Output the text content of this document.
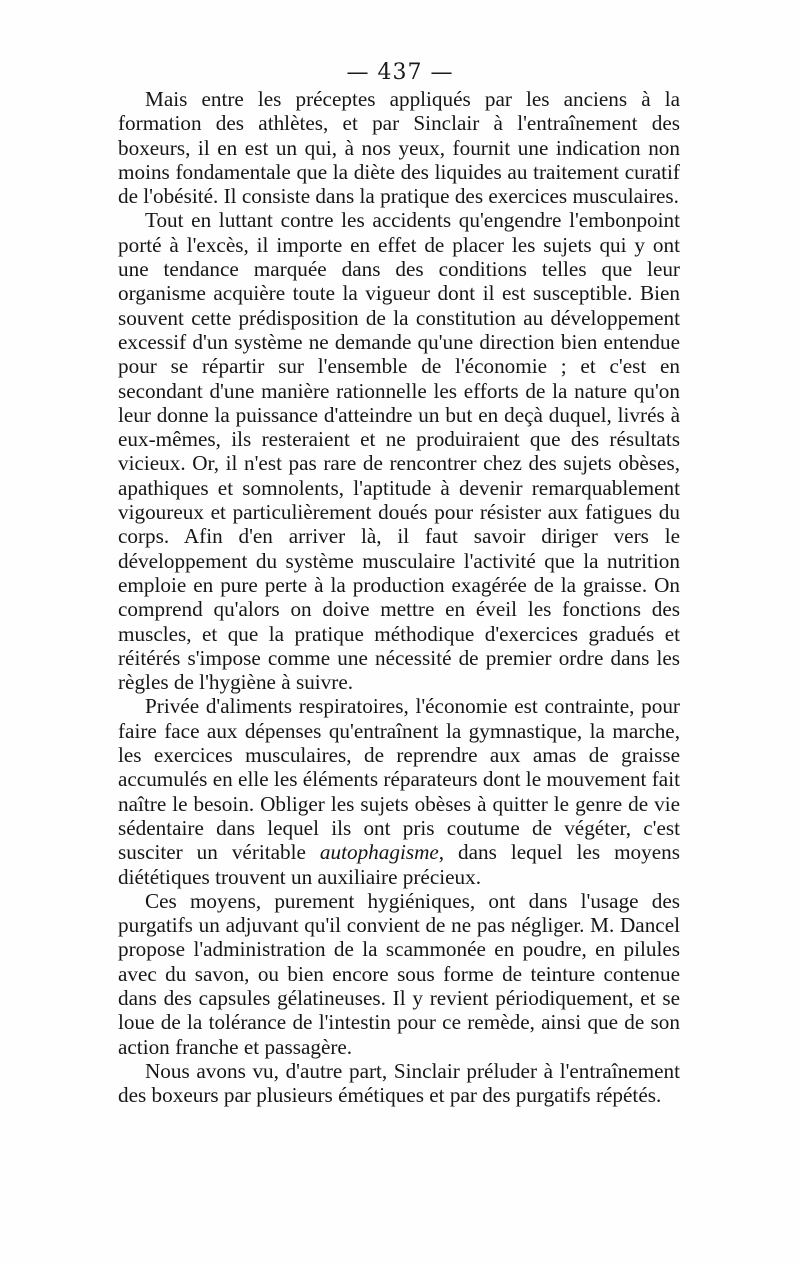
— 437 —

Mais entre les préceptes appliqués par les anciens à la formation des athlètes, et par Sinclair à l'entraînement des boxeurs, il en est un qui, à nos yeux, fournit une indication non moins fondamentale que la diète des liquides au traitement curatif de l'obésité. Il consiste dans la pratique des exercices musculaires.

Tout en luttant contre les accidents qu'engendre l'embonpoint porté à l'excès, il importe en effet de placer les sujets qui y ont une tendance marquée dans des conditions telles que leur organisme acquière toute la vigueur dont il est susceptible. Bien souvent cette prédisposition de la constitution au développement excessif d'un système ne demande qu'une direction bien entendue pour se répartir sur l'ensemble de l'économie ; et c'est en secondant d'une manière rationnelle les efforts de la nature qu'on leur donne la puissance d'atteindre un but en deçà duquel, livrés à eux-mêmes, ils resteraient et ne produiraient que des résultats vicieux. Or, il n'est pas rare de rencontrer chez des sujets obèses, apathiques et somnolents, l'aptitude à devenir remarquablement vigoureux et particulièrement doués pour résister aux fatigues du corps. Afin d'en arriver là, il faut savoir diriger vers le développement du système musculaire l'activité que la nutrition emploie en pure perte à la production exagérée de la graisse. On comprend qu'alors on doive mettre en éveil les fonctions des muscles, et que la pratique méthodique d'exercices gradués et réitérés s'impose comme une nécessité de premier ordre dans les règles de l'hygiène à suivre.

Privée d'aliments respiratoires, l'économie est contrainte, pour faire face aux dépenses qu'entraînent la gymnastique, la marche, les exercices musculaires, de reprendre aux amas de graisse accumulés en elle les éléments réparateurs dont le mouvement fait naître le besoin. Obliger les sujets obèses à quitter le genre de vie sédentaire dans lequel ils ont pris coutume de végéter, c'est susciter un véritable autophagisme, dans lequel les moyens diététiques trouvent un auxiliaire précieux.

Ces moyens, purement hygiéniques, ont dans l'usage des purgatifs un adjuvant qu'il convient de ne pas négliger. M. Dancel propose l'administration de la scammonée en poudre, en pilules avec du savon, ou bien encore sous forme de teinture contenue dans des capsules gélatineuses. Il y revient périodiquement, et se loue de la tolérance de l'intestin pour ce remède, ainsi que de son action franche et passagère.

Nous avons vu, d'autre part, Sinclair préluder à l'entraînement des boxeurs par plusieurs émétiques et par des purgatifs répétés.
